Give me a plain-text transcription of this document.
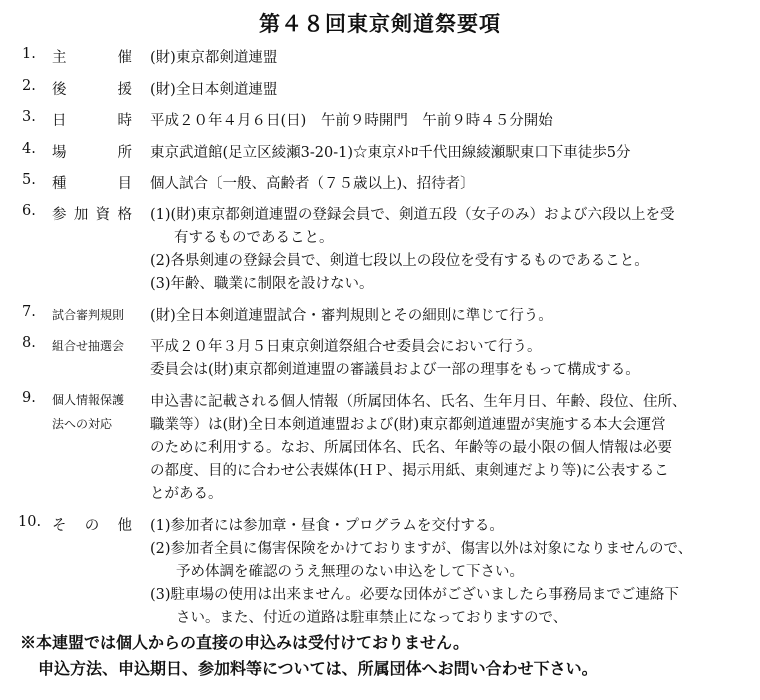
第４８回東京剣道祭要項
1. 主	催 (財)東京都剣道連盟
2. 後	援 (財)全日本剣道連盟
3. 日	時 平成２０年４月６日(日)　午前９時開門　午前９時４５分開始
4. 場	所 東京武道館(足立区綾瀬3-20-1)☆東京ﾒﾄﾛ千代田線綾瀬駅東口下車徒歩5分
5. 種	目 個人試合〔一般、高齢者（７５歳以上)、招待者〕
6. 参 加 資 格 (1)(財)東京都剣道連盟の登録会員で、剣道五段（女子のみ）および六段以上を受
有するものであること。
(2)各県剣連の登録会員で、剣道七段以上の段位を受有するものであること。
(3)年齢、職業に制限を設けない。
7. 試合審判規則	(財)全日本剣道連盟試合・審判規則とその細則に準じて行う。
8. 組合せ抽選会	平成２０年３月５日東京剣道祭組合せ委員会において行う。
委員会は(財)東京都剣道連盟の審議員および一部の理事をもって構成する。
9. 個人情報保護
法への対応
申込書に記載される個人情報（所属団体名、氏名、生年月日、年齢、段位、住所、
職業等）は(財)全日本剣道連盟および(財)東京都剣道連盟が実施する本大会運営
のために利用する。なお、所属団体名、氏名、年齢等の最小限の個人情報は必要
の都度、目的に合わせ公表媒体(ＨＰ、掲示用紙、東剣連だより等)に公表するこ
とがある。
10. そ の 他 (1)参加者には参加章・昼食・プログラムを交付する。
(2)参加者全員に傷害保険をかけておりますが、傷害以外は対象になりませんので、
予め体調を確認のうえ無理のない申込をして下さい。
(3)駐車場の使用は出来ません。必要な団体がございましたら事務局までご連絡下
さい。また、付近の道路は駐車禁止になっておりますので、
※本連盟では個人からの直接の申込みは受付けておりません。
申込方法、申込期日、参加料等については、所属団体へお問い合わせ下さい。
